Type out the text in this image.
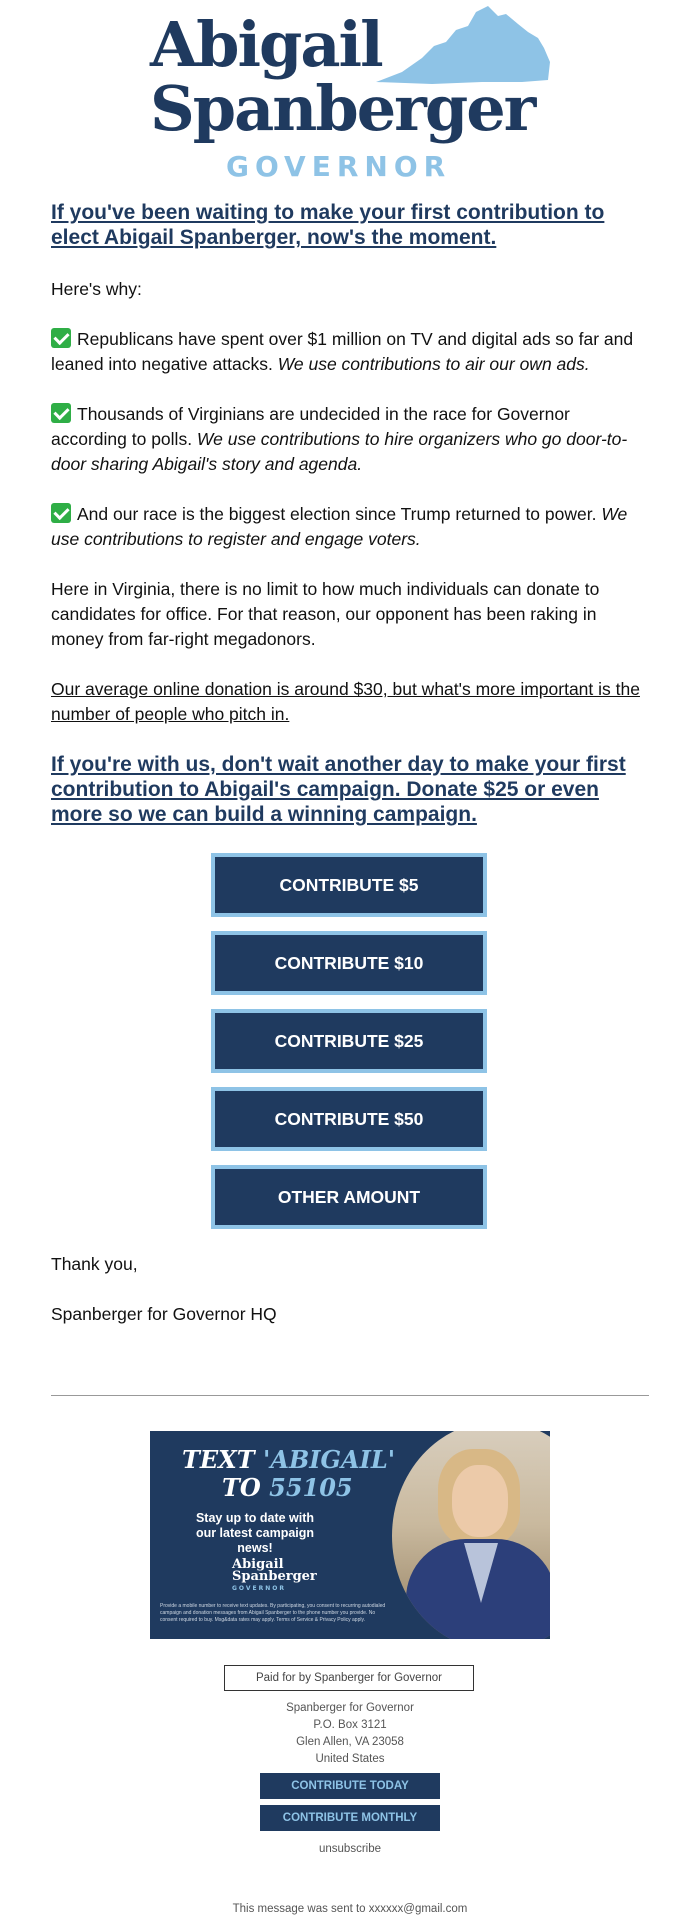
Abigail
Spanberger
GOVERNOR

If you've been waiting to make your first contribution to elect Abigail Spanberger, now's the moment.

Here's why:

Republicans have spent over $1 million on TV and digital ads so far and leaned into negative attacks. We use contributions to air our own ads.

Thousands of Virginians are undecided in the race for Governor according to polls. We use contributions to hire organizers who go door-to-door sharing Abigail's story and agenda.

And our race is the biggest election since Trump returned to power. We use contributions to register and engage voters.

Here in Virginia, there is no limit to how much individuals can donate to candidates for office. For that reason, our opponent has been raking in money from far-right megadonors.

Our average online donation is around $30, but what's more important is the number of people who pitch in.

If you're with us, don't wait another day to make your first contribution to Abigail's campaign. Donate $25 or even more so we can build a winning campaign.

CONTRIBUTE $5
CONTRIBUTE $10
CONTRIBUTE $25
CONTRIBUTE $50
OTHER AMOUNT

Thank you,

Spanberger for Governor HQ

TEXT 'ABIGAIL'
TO 55105
Stay up to date with our latest campaign news!
Abigail
Spanberger
GOVERNOR
Provide a mobile number to receive text updates. By participating, you consent to recurring autodialed campaign and donation messages from Abigail Spanberger to the phone number you provide. No consent required to buy. Msg&data rates may apply. Terms of Service & Privacy Policy apply.
Paid for by Spanberger for Governor
Spanberger for Governor
P.O. Box 3121
Glen Allen, VA 23058
United States
CONTRIBUTE TODAY
CONTRIBUTE MONTHLY
unsubscribe
This message was sent to xxxxxx@gmail.com
